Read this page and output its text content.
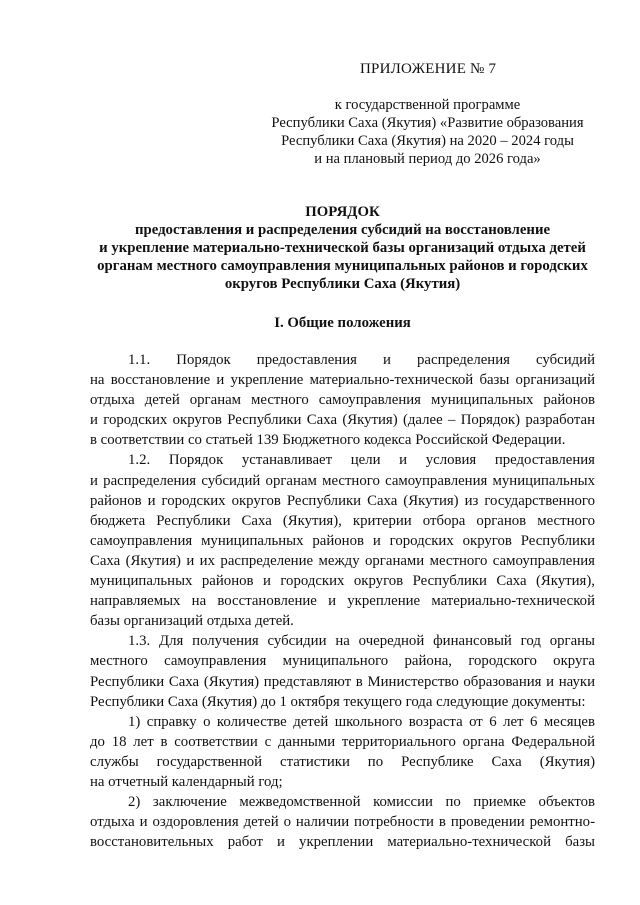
ПРИЛОЖЕНИЕ № 7
к государственной программе
Республики Саха (Якутия) «Развитие образования
Республики Саха (Якутия) на 2020 – 2024 годы
и на плановый период до 2026 года»
ПОРЯДОК
предоставления и распределения субсидий на восстановление
и укрепление материально-технической базы организаций отдыха детей
органам местного самоуправления муниципальных районов и городских
округов Республики Саха (Якутия)
I. Общие положения
1.1. Порядок предоставления и распределения субсидий
на восстановление и укрепление материально-технической базы организаций
отдыха детей органам местного самоуправления муниципальных районов
и городских округов Республики Саха (Якутия) (далее – Порядок) разработан
в соответствии со статьей 139 Бюджетного кодекса Российской Федерации.
1.2. Порядок устанавливает цели и условия предоставления
и распределения субсидий органам местного самоуправления муниципальных
районов и городских округов Республики Саха (Якутия) из государственного
бюджета Республики Саха (Якутия), критерии отбора органов местного
самоуправления муниципальных районов и городских округов Республики
Саха (Якутия) и их распределение между органами местного самоуправления
муниципальных районов и городских округов Республики Саха (Якутия),
направляемых на восстановление и укрепление материально-технической
базы организаций отдыха детей.
1.3. Для получения субсидии на очередной финансовый год органы
местного самоуправления муниципального района, городского округа
Республики Саха (Якутия) представляют в Министерство образования и науки
Республики Саха (Якутия) до 1 октября текущего года следующие документы:
1) справку о количестве детей школьного возраста от 6 лет 6 месяцев
до 18 лет в соответствии с данными территориального органа Федеральной
службы государственной статистики по Республике Саха (Якутия)
на отчетный календарный год;
2) заключение межведомственной комиссии по приемке объектов
отдыха и оздоровления детей о наличии потребности в проведении ремонтно-
восстановительных работ и укреплении материально-технической базы
